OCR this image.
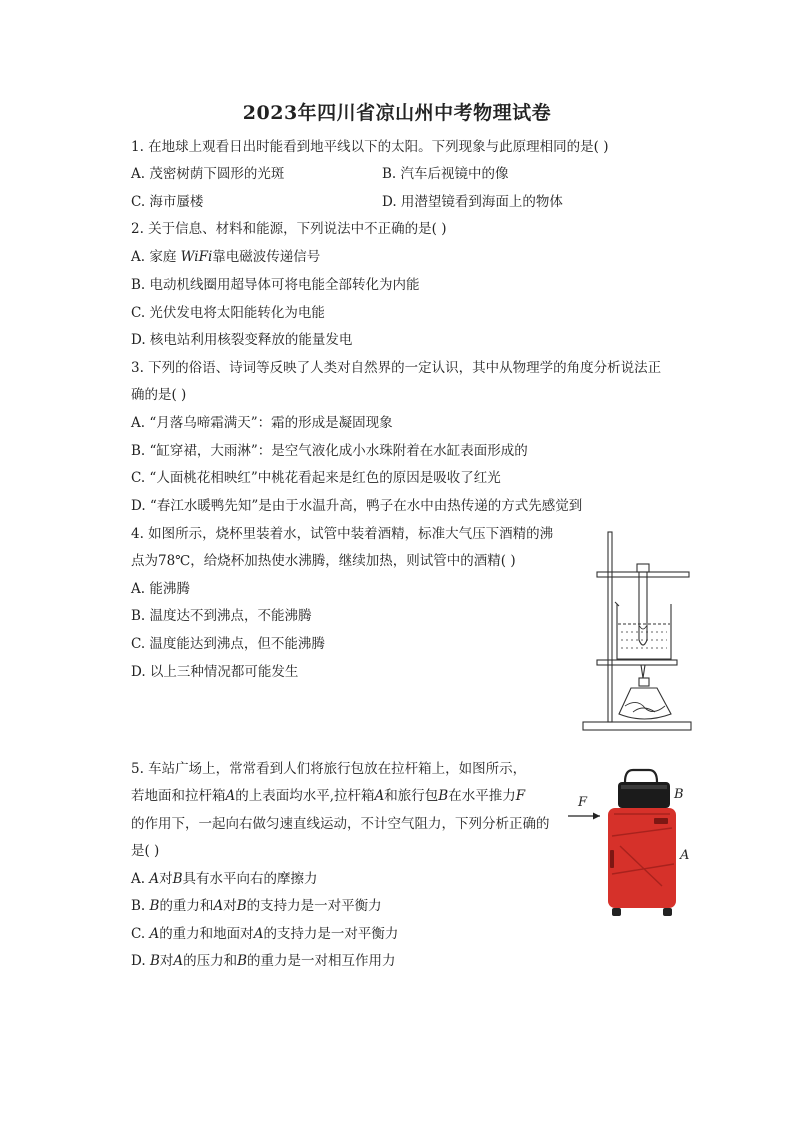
2023年四川省凉山州中考物理试卷
1. 在地球上观看日出时能看到地平线以下的太阳。下列现象与此原理相同的是( )
A. 茂密树荫下圆形的光斑	B. 汽车后视镜中的像
C. 海市蜃楼	D. 用潜望镜看到海面上的物体
2. 关于信息、材料和能源，下列说法中不正确的是( )
A. 家庭 WiFi靠电磁波传递信号
B. 电动机线圈用超导体可将电能全部转化为内能
C. 光伏发电将太阳能转化为电能
D. 核电站利用核裂变释放的能量发电
3. 下列的俗语、诗词等反映了人类对自然界的一定认识，其中从物理学的角度分析说法正
确的是( )
A. “月落乌啼霜满天”：霜的形成是凝固现象
B. “缸穿裙，大雨淋”：是空气液化成小水珠附着在水缸表面形成的
C. “人面桃花相映红”中桃花看起来是红色的原因是吸收了红光
D. “春江水暖鸭先知”是由于水温升高，鸭子在水中由热传递的方式先感觉到
4. 如图所示，烧杯里装着水，试管中装着酒精，标准大气压下酒精的沸
点为78℃，给烧杯加热使水沸腾，继续加热，则试管中的酒精( )
A. 能沸腾
B. 温度达不到沸点，不能沸腾
C. 温度能达到沸点，但不能沸腾
D. 以上三种情况都可能发生
5. 车站广场上，常常看到人们将旅行包放在拉杆箱上，如图所示，
若地面和拉杆箱A的上表面均水平,拉杆箱A和旅行包B在水平推力F
的作用下，一起向右做匀速直线运动，不计空气阻力，下列分析正确的
是( )
A. A对B具有水平向右的摩擦力
B. B的重力和A对B的支持力是一对平衡力
C. A的重力和地面对A的支持力是一对平衡力
D. B对A的压力和B的重力是一对相互作用力
F
B
A
